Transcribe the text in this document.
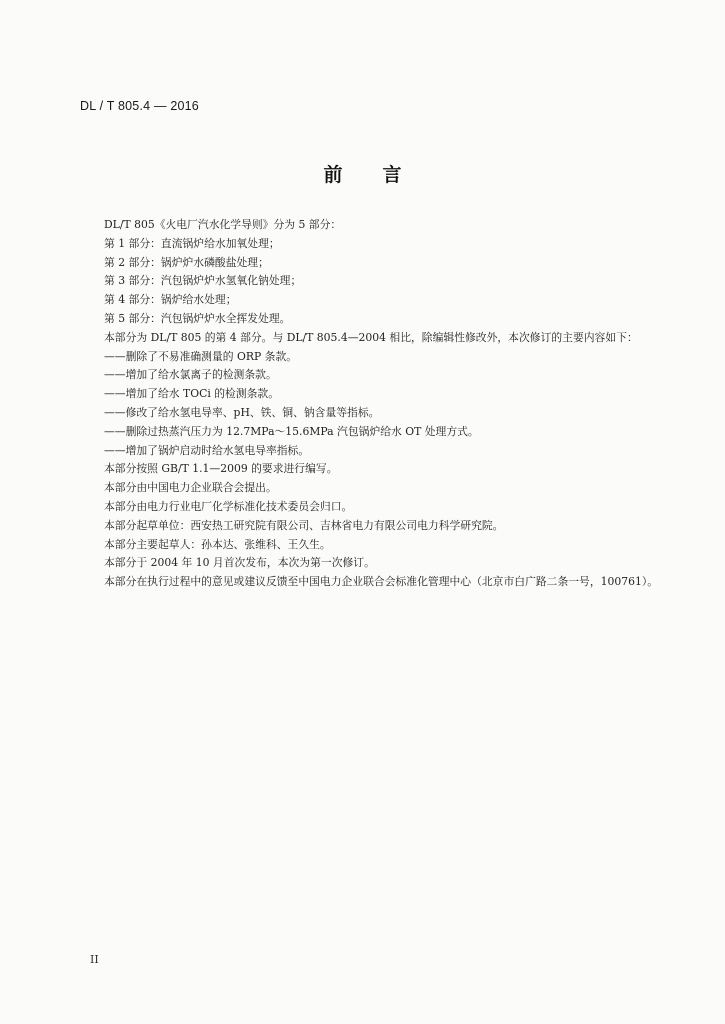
DL / T 805.4 — 2016
前言

DL/T 805《火电厂汽水化学导则》分为 5 部分：

第 1 部分：直流锅炉给水加氧处理；

第 2 部分：锅炉炉水磷酸盐处理；

第 3 部分：汽包锅炉炉水氢氧化钠处理；

第 4 部分：锅炉给水处理；

第 5 部分：汽包锅炉炉水全挥发处理。

本部分为 DL/T 805 的第 4 部分。与 DL/T 805.4—2004 相比，除编辑性修改外，本次修订的主要内容如下：

——删除了不易准确测量的 ORP 条款。

——增加了给水氯离子的检测条款。

——增加了给水 TOCi 的检测条款。

——修改了给水氢电导率、pH、铁、铜、钠含量等指标。

——删除过热蒸汽压力为 12.7MPa～15.6MPa 汽包锅炉给水 OT 处理方式。

——增加了锅炉启动时给水氢电导率指标。

本部分按照 GB/T 1.1—2009 的要求进行编写。

本部分由中国电力企业联合会提出。

本部分由电力行业电厂化学标准化技术委员会归口。

本部分起草单位：西安热工研究院有限公司、吉林省电力有限公司电力科学研究院。

本部分主要起草人：孙本达、张维科、王久生。

本部分于 2004 年 10 月首次发布，本次为第一次修订。

本部分在执行过程中的意见或建议反馈至中国电力企业联合会标准化管理中心（北京市白广路二条一号，100761）。

II
